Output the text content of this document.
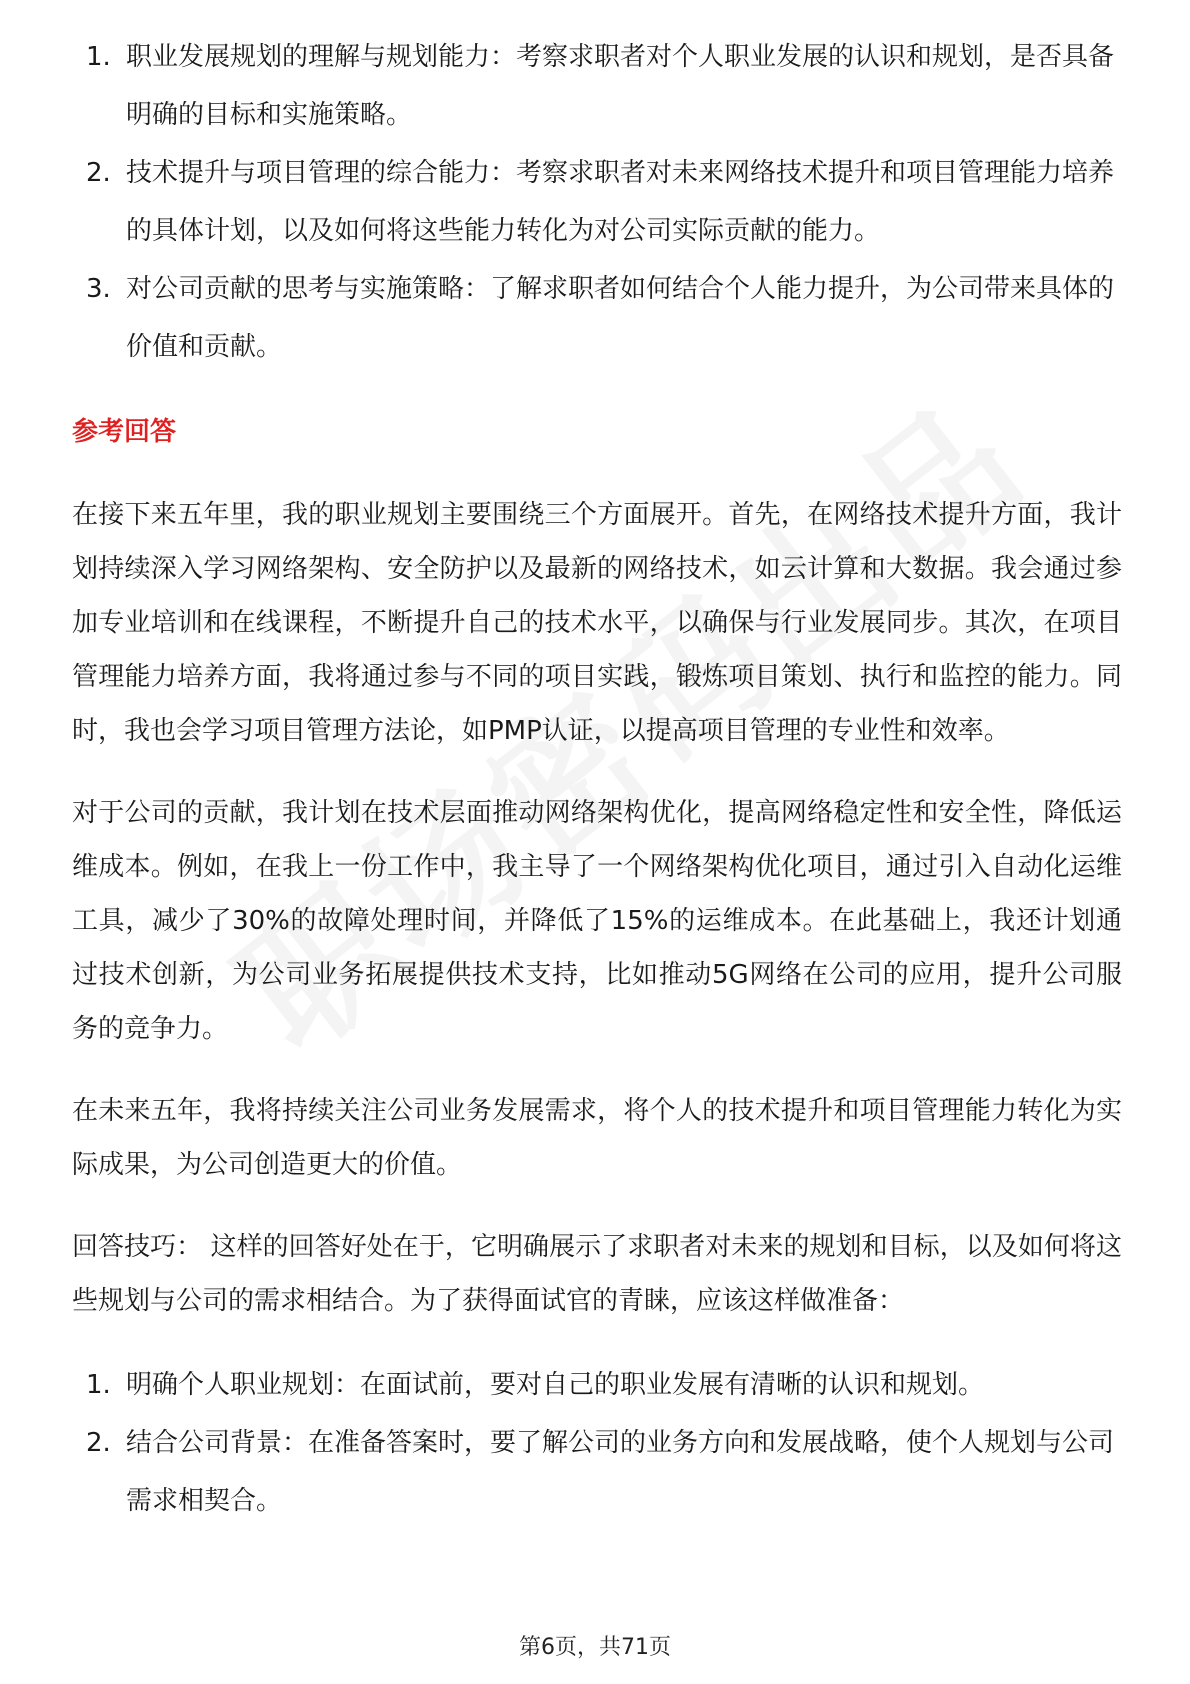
1. 职业发展规划的理解与规划能力：考察求职者对个人职业发展的认识和规划，是否具备明确的目标和实施策略。
2. 技术提升与项目管理的综合能力：考察求职者对未来网络技术提升和项目管理能力培养的具体计划，以及如何将这些能力转化为对公司实际贡献的能力。
3. 对公司贡献的思考与实施策略：了解求职者如何结合个人能力提升，为公司带来具体的价值和贡献。
参考回答

在接下来五年里，我的职业规划主要围绕三个方面展开。首先，在网络技术提升方面，我计划持续深入学习网络架构、安全防护以及最新的网络技术，如云计算和大数据。我会通过参加专业培训和在线课程，不断提升自己的技术水平，以确保与行业发展同步。其次，在项目管理能力培养方面，我将通过参与不同的项目实践，锻炼项目策划、执行和监控的能力。同时，我也会学习项目管理方法论，如PMP认证，以提高项目管理的专业性和效率。

对于公司的贡献，我计划在技术层面推动网络架构优化，提高网络稳定性和安全性，降低运维成本。例如，在我上一份工作中，我主导了一个网络架构优化项目，通过引入自动化运维工具，减少了30%的故障处理时间，并降低了15%的运维成本。在此基础上，我还计划通过技术创新，为公司业务拓展提供技术支持，比如推动5G网络在公司的应用，提升公司服务的竞争力。

在未来五年，我将持续关注公司业务发展需求，将个人的技术提升和项目管理能力转化为实际成果，为公司创造更大的价值。

回答技巧： 这样的回答好处在于，它明确展示了求职者对未来的规划和目标，以及如何将这些规划与公司的需求相结合。为了获得面试官的青睐，应该这样做准备：

1. 明确个人职业规划：在面试前，要对自己的职业发展有清晰的认识和规划。
2. 结合公司背景：在准备答案时，要了解公司的业务方向和发展战略，使个人规划与公司需求相契合。
第6页，共71页
